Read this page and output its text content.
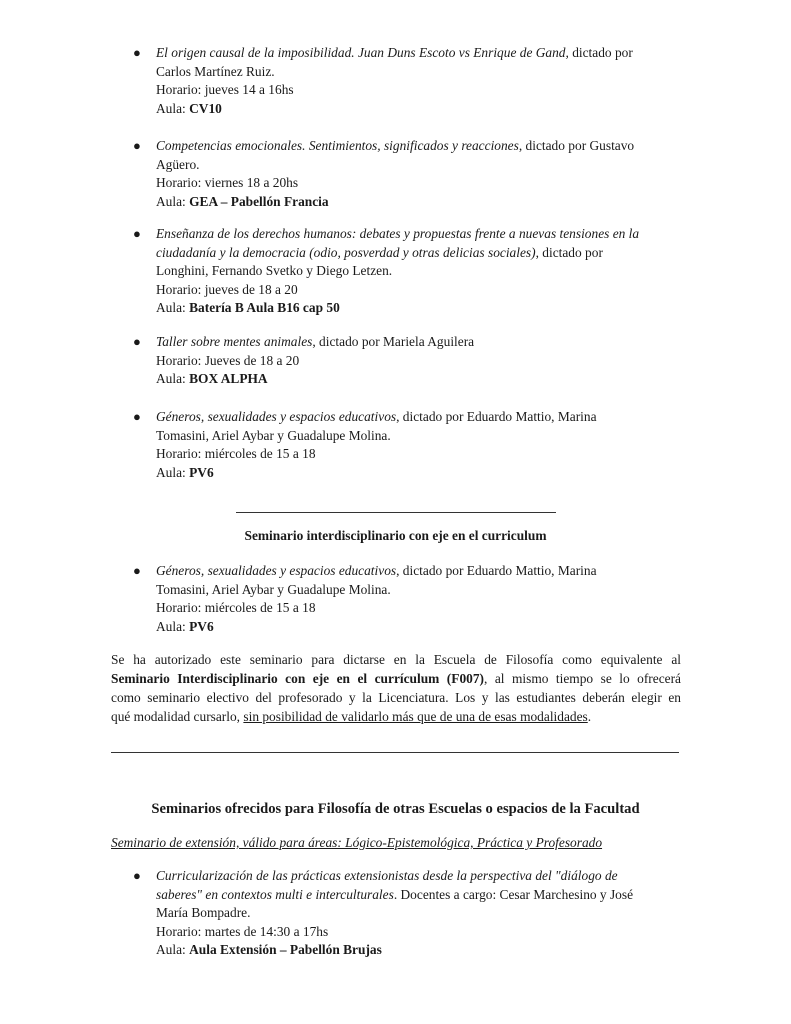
● El origen causal de la imposibilidad. Juan Duns Escoto vs Enrique de Gand, dictado por
Carlos Martínez Ruiz.
Horario: jueves 14 a 16hs
Aula: CV10
● Competencias emocionales. Sentimientos, significados y reacciones, dictado por Gustavo
Agüero.
Horario: viernes 18 a 20hs
Aula: GEA – Pabellón Francia
● Enseñanza de los derechos humanos: debates y propuestas frente a nuevas tensiones en la
ciudadanía y la democracia (odio, posverdad y otras delicias sociales), dictado por
Longhini, Fernando Svetko y Diego Letzen.
Horario: jueves de 18 a 20
Aula: Batería B Aula B16 cap 50
● Taller sobre mentes animales, dictado por Mariela Aguilera
Horario: Jueves de 18 a 20
Aula: BOX ALPHA
● Géneros, sexualidades y espacios educativos, dictado por Eduardo Mattio, Marina
Tomasini, Ariel Aybar y Guadalupe Molina.
Horario: miércoles de 15 a 18
Aula: PV6
Seminario interdisciplinario con eje en el curriculum
● Géneros, sexualidades y espacios educativos, dictado por Eduardo Mattio, Marina
Tomasini, Ariel Aybar y Guadalupe Molina.
Horario: miércoles de 15 a 18
Aula: PV6
Se ha autorizado este seminario para dictarse en la Escuela de Filosofía como equivalente al
Seminario Interdisciplinario con eje en el currículum (F007), al mismo tiempo se lo ofrecerá
como seminario electivo del profesorado y la Licenciatura. Los y las estudiantes deberán elegir en
qué modalidad cursarlo, sin posibilidad de validarlo más que de una de esas modalidades.
Seminarios ofrecidos para Filosofía de otras Escuelas o espacios de la Facultad
Seminario de extensión, válido para áreas: Lógico-Epistemológica, Práctica y Profesorado
● Curricularización de las prácticas extensionistas desde la perspectiva del "diálogo de
saberes" en contextos multi e interculturales. Docentes a cargo: Cesar Marchesino y José
María Bompadre.
Horario: martes de 14:30 a 17hs
Aula: Aula Extensión – Pabellón Brujas
